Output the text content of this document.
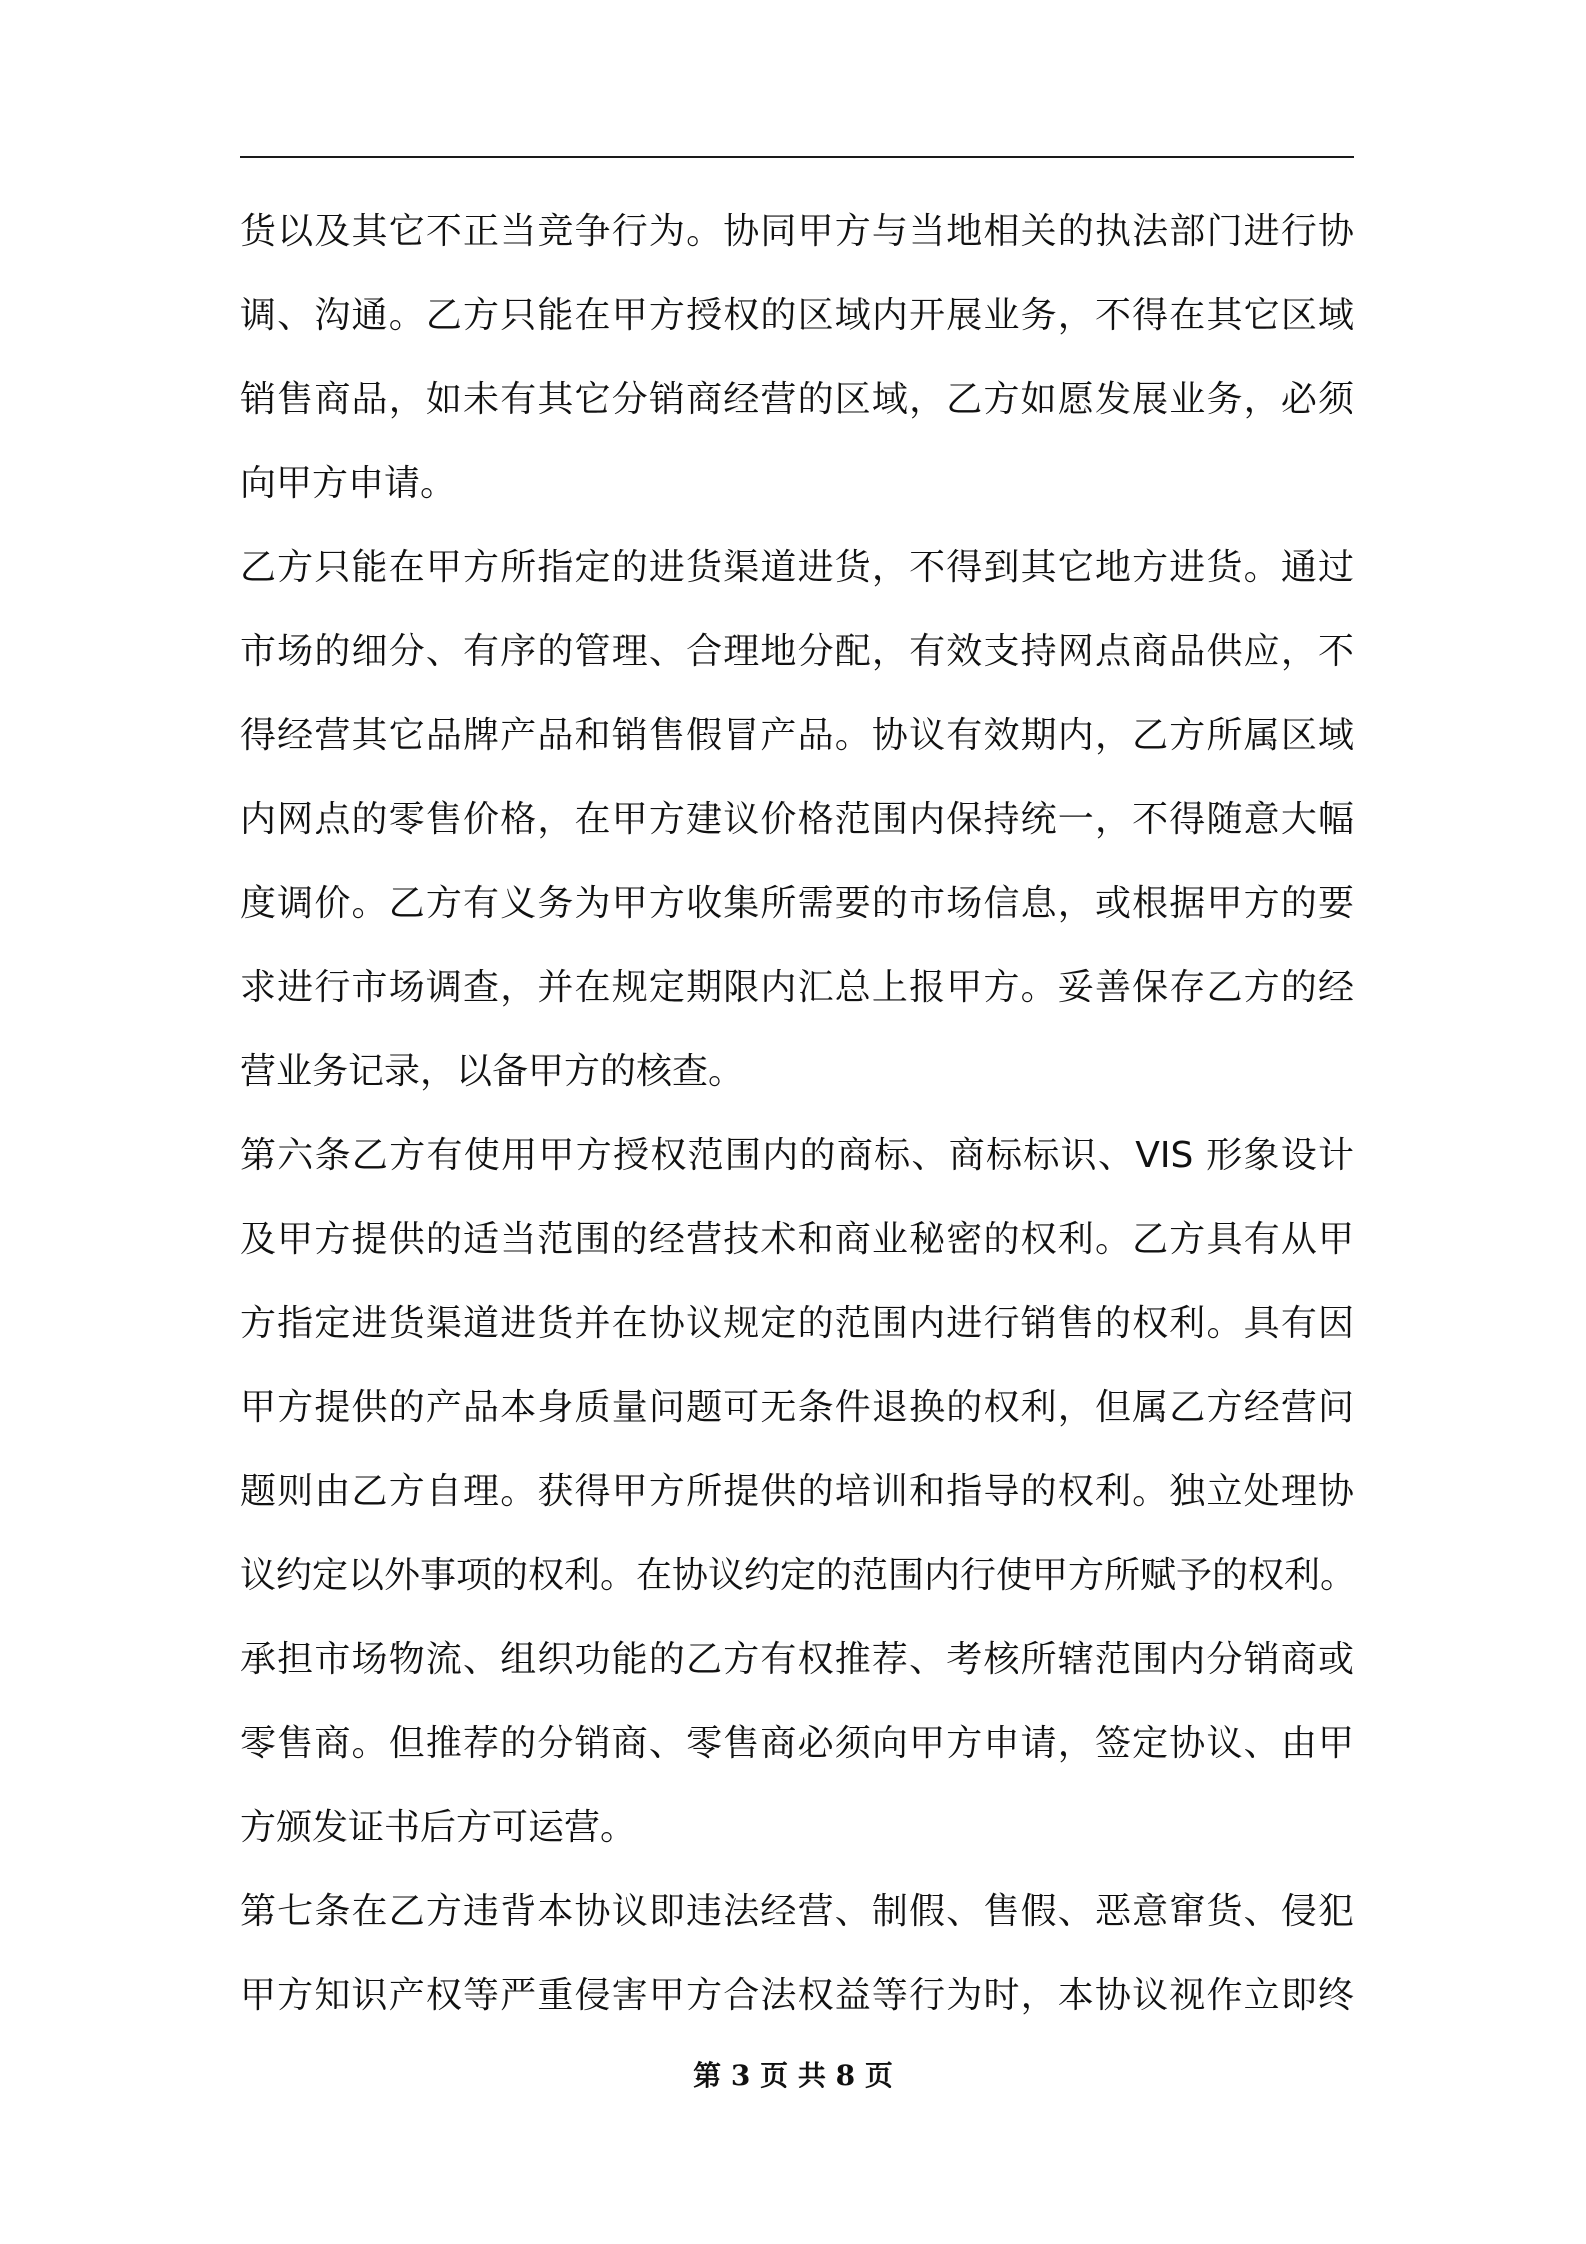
货以及其它不正当竞争行为。协同甲方与当地相关的执法部门进行协
调、沟通。乙方只能在甲方授权的区域内开展业务，不得在其它区域
销售商品，如未有其它分销商经营的区域，乙方如愿发展业务，必须
向甲方申请。
乙方只能在甲方所指定的进货渠道进货，不得到其它地方进货。通过
市场的细分、有序的管理、合理地分配，有效支持网点商品供应，不
得经营其它品牌产品和销售假冒产品。协议有效期内，乙方所属区域
内网点的零售价格，在甲方建议价格范围内保持统一，不得随意大幅
度调价。乙方有义务为甲方收集所需要的市场信息，或根据甲方的要
求进行市场调查，并在规定期限内汇总上报甲方。妥善保存乙方的经
营业务记录，以备甲方的核查。
第六条乙方有使用甲方授权范围内的商标、商标标识、VIS 形象设计
及甲方提供的适当范围的经营技术和商业秘密的权利。乙方具有从甲
方指定进货渠道进货并在协议规定的范围内进行销售的权利。具有因
甲方提供的产品本身质量问题可无条件退换的权利，但属乙方经营问
题则由乙方自理。获得甲方所提供的培训和指导的权利。独立处理协
议约定以外事项的权利。在协议约定的范围内行使甲方所赋予的权利。
承担市场物流、组织功能的乙方有权推荐、考核所辖范围内分销商或
零售商。但推荐的分销商、零售商必须向甲方申请，签定协议、由甲
方颁发证书后方可运营。
第七条在乙方违背本协议即违法经营、制假、售假、恶意窜货、侵犯
甲方知识产权等严重侵害甲方合法权益等行为时，本协议视作立即终
第 3 页 共 8 页
